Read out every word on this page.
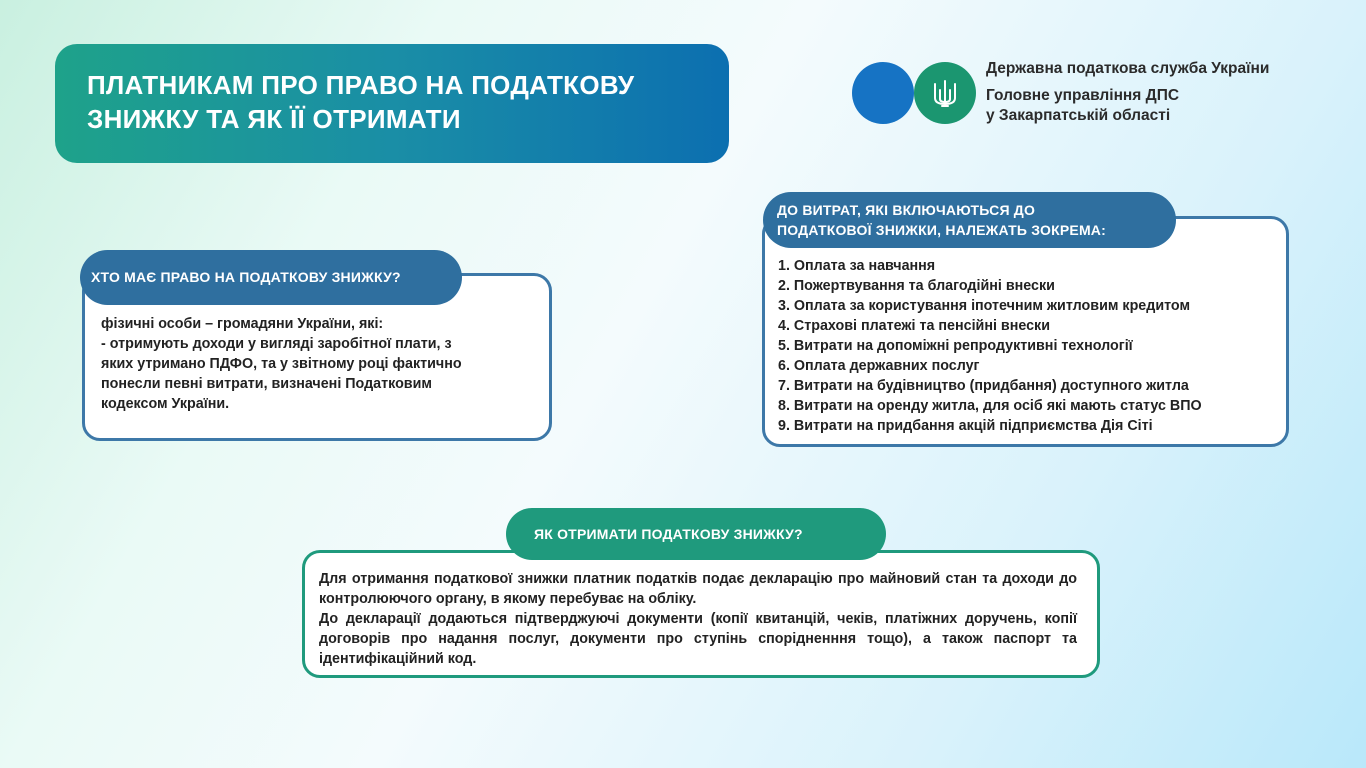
ПЛАТНИКАМ ПРО ПРАВО НА ПОДАТКОВУ
ЗНИЖКУ ТА ЯК ЇЇ ОТРИМАТИ
Державна податкова служба України
Головне управління ДПС
у Закарпатській області
фізичні особи – громадяни України, які:
- отримують доходи у вигляді заробітної плати, з
яких утримано ПДФО, та у звітному році фактично
понесли певні витрати, визначені Податковим
кодексом України.
ХТО МАЄ ПРАВО НА ПОДАТКОВУ ЗНИЖКУ?
1. Оплата за навчання
2. Пожертвування та благодійні внески
3. Оплата за користування іпотечним житловим кредитом
4. Страхові платежі та пенсійні внески
5. Витрати на допоміжні репродуктивні технології
6. Оплата державних послуг
7. Витрати на будівництво (придбання) доступного житла
8. Витрати на оренду житла, для осіб які мають статус ВПО
9. Витрати на придбання акцій підприємства Дія Сіті
ДО ВИТРАТ, ЯКІ ВКЛЮЧАЮТЬСЯ ДО
ПОДАТКОВОЇ ЗНИЖКИ, НАЛЕЖАТЬ ЗОКРЕМА:

Для отримання податкової знижки платник податків подає декларацію про майновий стан та доходи до контролюючого органу, в якому перебуває на обліку.

До декларації додаються підтверджуючі документи (копії квитанцій, чеків, платіжних доручень, копії договорів про надання послуг, документи про ступінь спорідненння тощо), а також паспорт та ідентифікаційний код.

ЯК ОТРИМАТИ ПОДАТКОВУ ЗНИЖКУ?
